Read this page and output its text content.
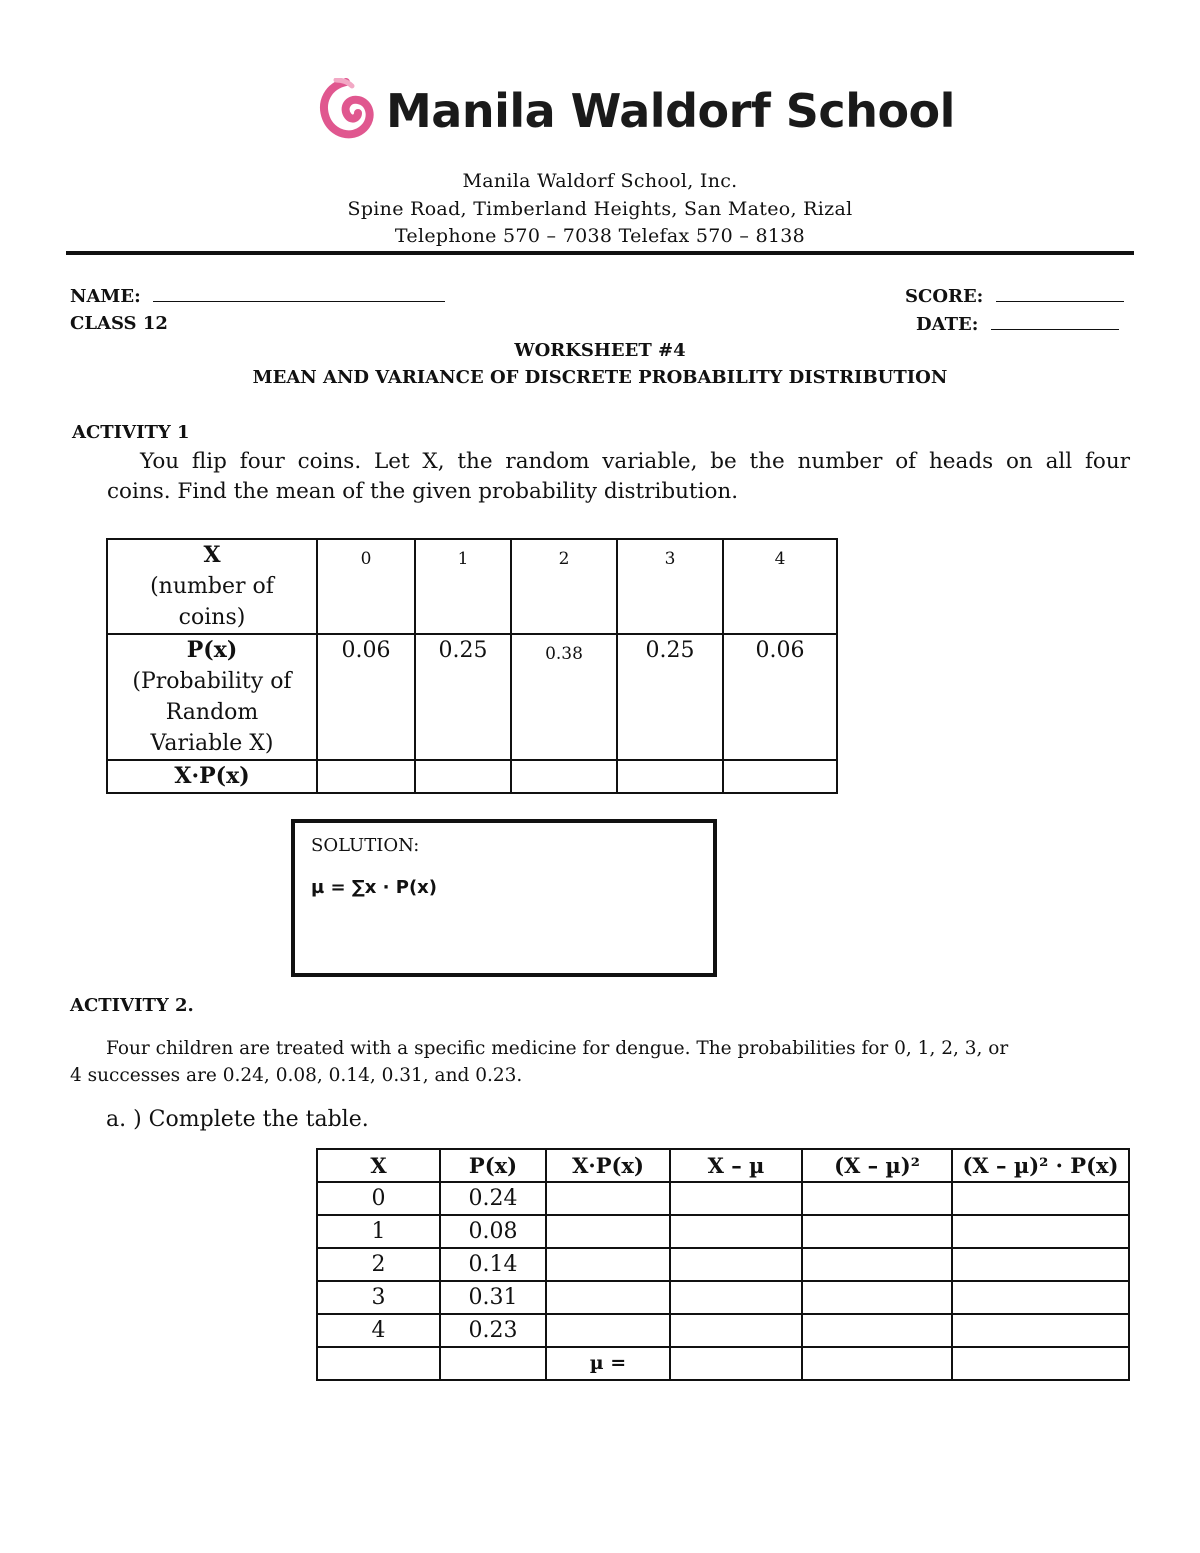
Manila Waldorf School
Manila Waldorf School, Inc.
Spine Road, Timberland Heights, San Mateo, Rizal
Telephone 570 – 7038 Telefax 570 – 8138
NAME:
CLASS 12
SCORE:
DATE:
WORKSHEET #4
MEAN AND VARIANCE OF DISCRETE PROBABILITY DISTRIBUTION
ACTIVITY 1
You flip four coins. Let X, the random variable, be the number of heads on all four
coins. Find the mean of the given probability distribution.
X
(number of
coins)	0	1	2	3	4

P(x)
(Probability of
Random
Variable X)	0.06	0.25	0.38	0.25	0.06
X·P(x)					
SOLUTION:
µ = ∑x · P(x)
ACTIVITY 2.
Four children are treated with a specific medicine for dengue. The probabilities for 0, 1, 2, 3, or
4 successes are 0.24, 0.08, 0.14, 0.31, and 0.23.
a. ) Complete the table.
X	P(x)	X·P(x)	X – µ	(X – µ)²	(X – µ)² · P(x)
0	0.24				
1	0.08				
2	0.14				
3	0.31				
4	0.23				
		µ =			
